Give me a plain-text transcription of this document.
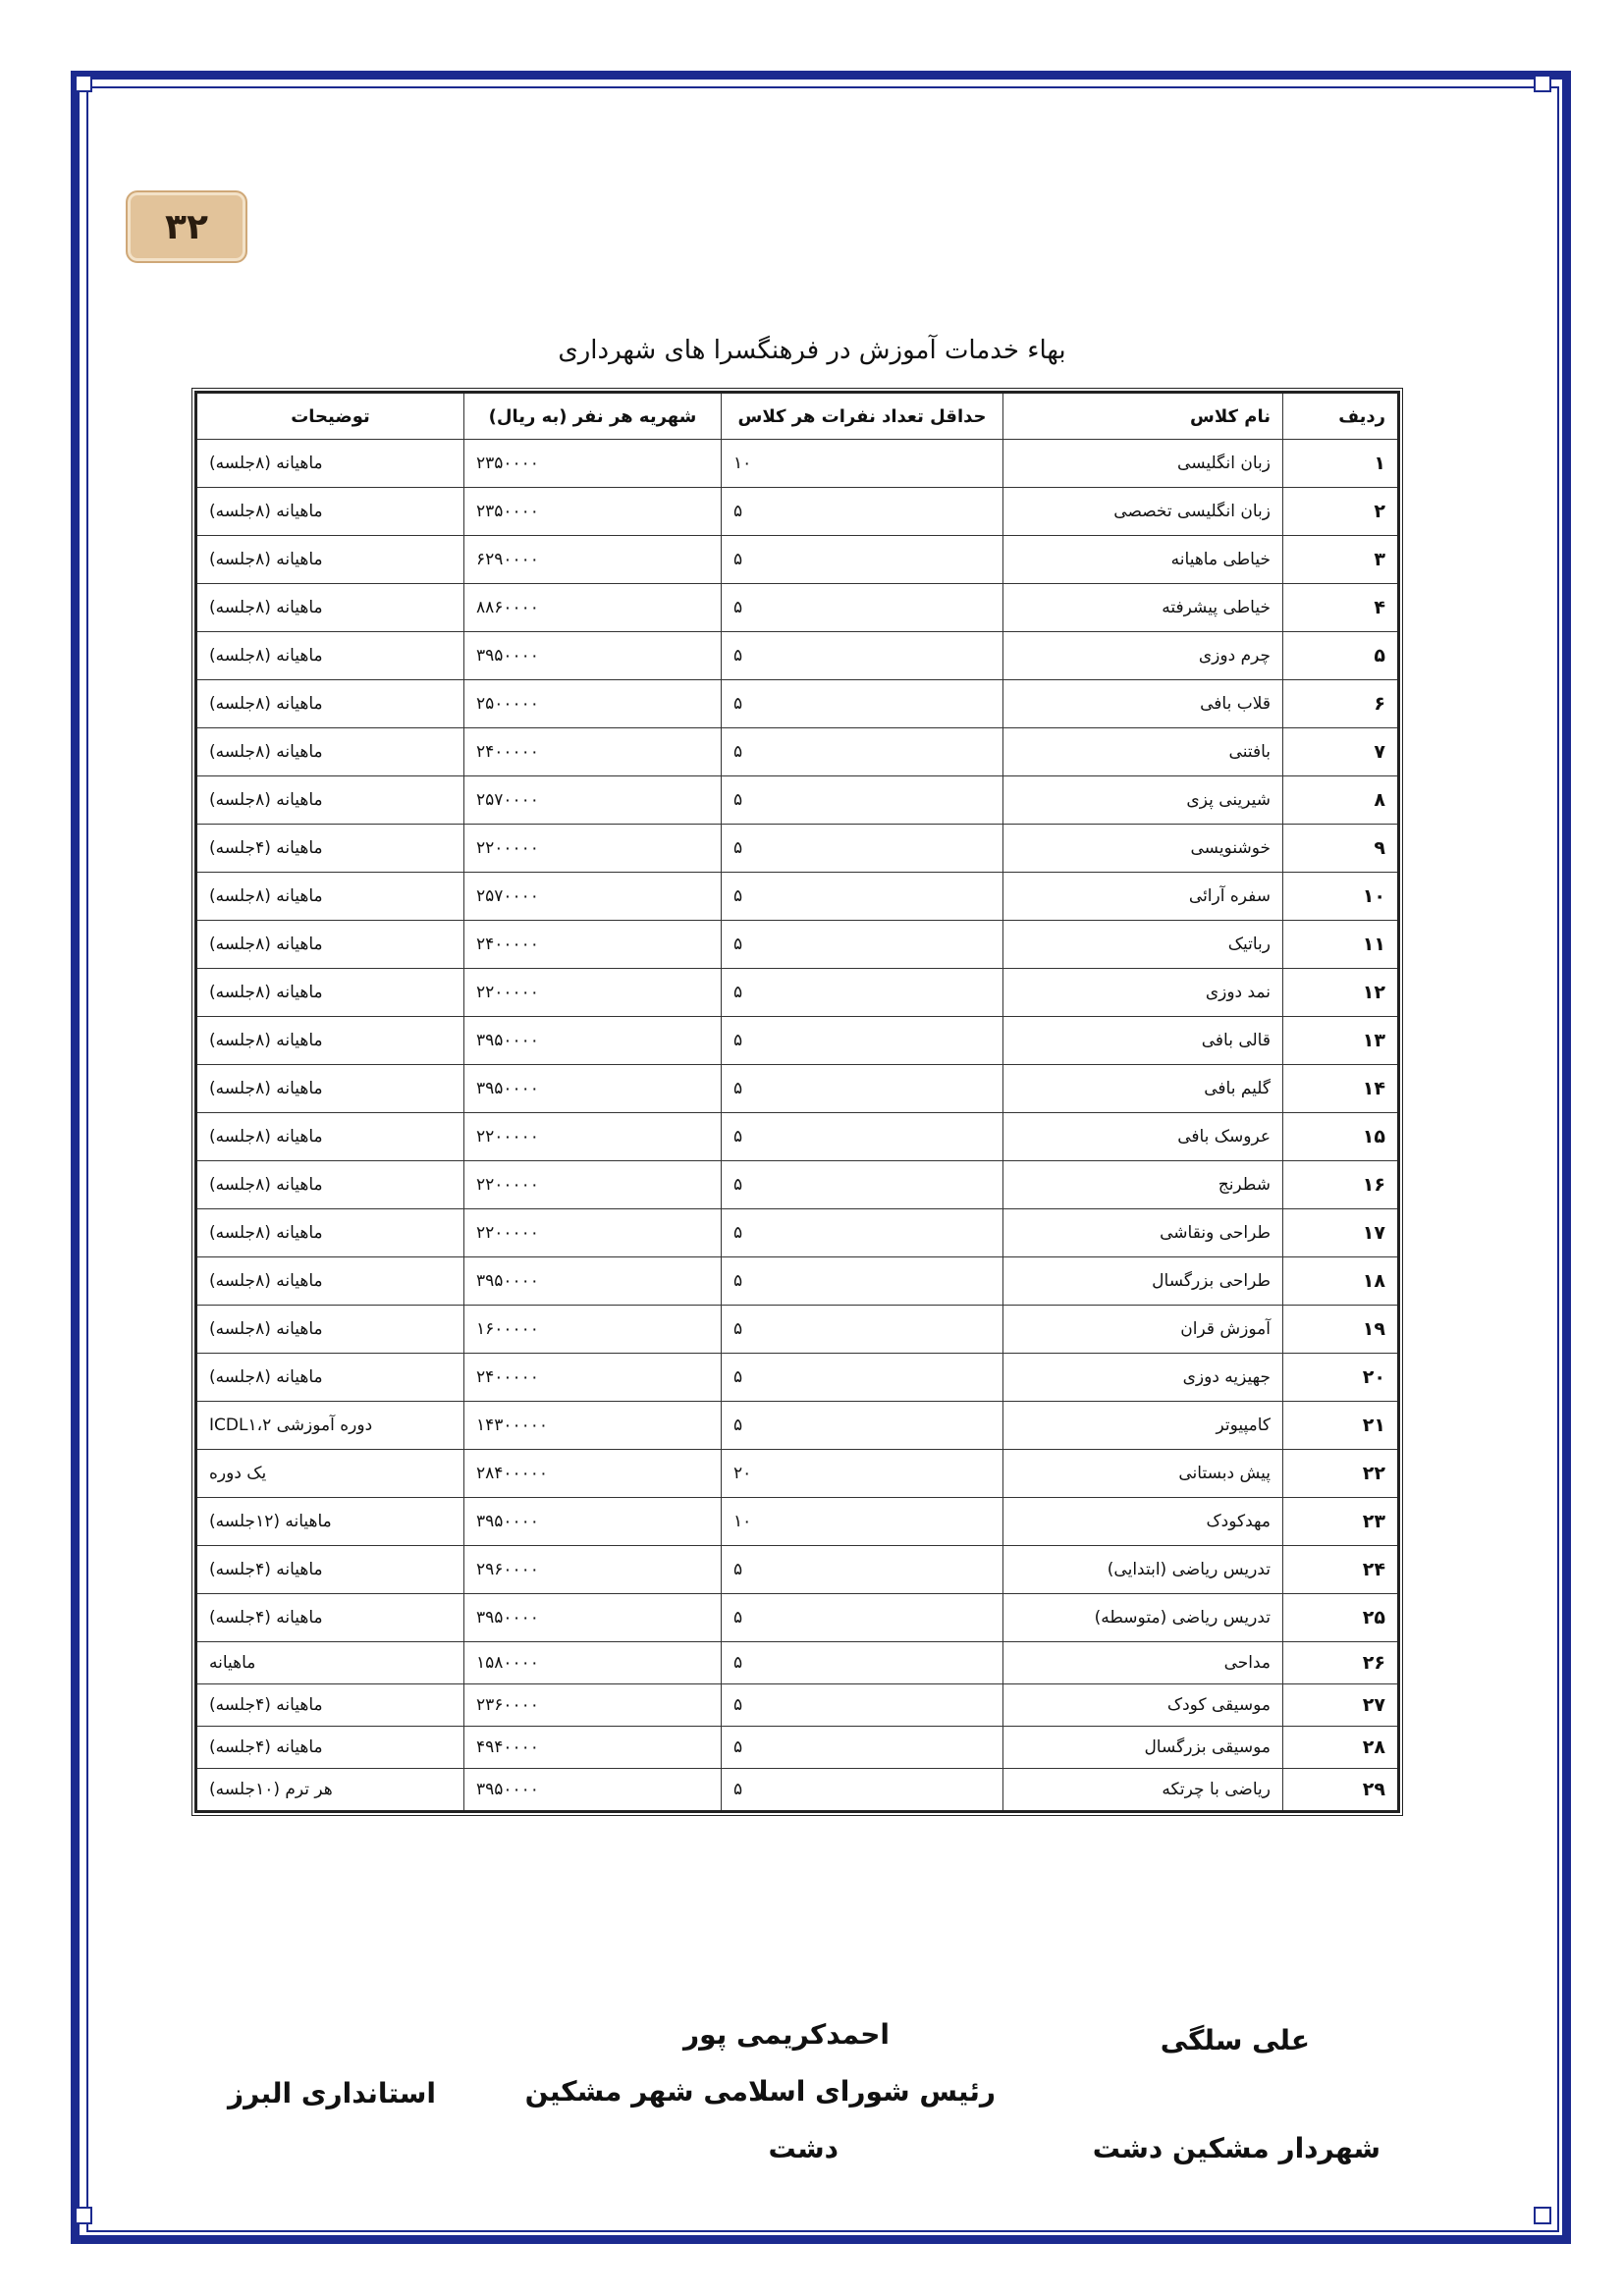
۳۲
بهاء خدمات آموزش در فرهنگسرا های شهرداری
ردیف	نام کلاس	حداقل تعداد نفرات هر کلاس	شهریه هر نفر (به ریال)	توضیحات
۱	زبان انگلیسی	۱۰	۲۳۵۰۰۰۰	ماهیانه (۸جلسه)
۲	زبان انگلیسی تخصصی	۵	۲۳۵۰۰۰۰	ماهیانه (۸جلسه)
۳	خیاطی ماهیانه	۵	۶۲۹۰۰۰۰	ماهیانه (۸جلسه)
۴	خیاطی پیشرفته	۵	۸۸۶۰۰۰۰	ماهیانه (۸جلسه)
۵	چرم دوزی	۵	۳۹۵۰۰۰۰	ماهیانه (۸جلسه)
۶	قلاب بافی	۵	۲۵۰۰۰۰۰	ماهیانه (۸جلسه)
۷	بافتنی	۵	۲۴۰۰۰۰۰	ماهیانه (۸جلسه)
۸	شیرینی پزی	۵	۲۵۷۰۰۰۰	ماهیانه (۸جلسه)
۹	خوشنویسی	۵	۲۲۰۰۰۰۰	ماهیانه (۴جلسه)
۱۰	سفره آرائی	۵	۲۵۷۰۰۰۰	ماهیانه (۸جلسه)
۱۱	رباتیک	۵	۲۴۰۰۰۰۰	ماهیانه (۸جلسه)
۱۲	نمد دوزی	۵	۲۲۰۰۰۰۰	ماهیانه (۸جلسه)
۱۳	قالی بافی	۵	۳۹۵۰۰۰۰	ماهیانه (۸جلسه)
۱۴	گلیم بافی	۵	۳۹۵۰۰۰۰	ماهیانه (۸جلسه)
۱۵	عروسک بافی	۵	۲۲۰۰۰۰۰	ماهیانه (۸جلسه)
۱۶	شطرنج	۵	۲۲۰۰۰۰۰	ماهیانه (۸جلسه)
۱۷	طراحی ونقاشی	۵	۲۲۰۰۰۰۰	ماهیانه (۸جلسه)
۱۸	طراحی بزرگسال	۵	۳۹۵۰۰۰۰	ماهیانه (۸جلسه)
۱۹	آموزش قران	۵	۱۶۰۰۰۰۰	ماهیانه (۸جلسه)
۲۰	جهیزیه دوزی	۵	۲۴۰۰۰۰۰	ماهیانه (۸جلسه)
۲۱	کامپیوتر	۵	۱۴۳۰۰۰۰۰	دوره آموزشی ICDL۱،۲
۲۲	پیش دبستانی	۲۰	۲۸۴۰۰۰۰۰	یک دوره
۲۳	مهدکودک	۱۰	۳۹۵۰۰۰۰	ماهیانه (۱۲جلسه)
۲۴	تدریس ریاضی (ابتدایی)	۵	۲۹۶۰۰۰۰	ماهیانه (۴جلسه)
۲۵	تدریس ریاضی (متوسطه)	۵	۳۹۵۰۰۰۰	ماهیانه (۴جلسه)
۲۶	مداحی	۵	۱۵۸۰۰۰۰	ماهیانه
۲۷	موسیقی کودک	۵	۲۳۶۰۰۰۰	ماهیانه (۴جلسه)
۲۸	موسیقی بزرگسال	۵	۴۹۴۰۰۰۰	ماهیانه (۴جلسه)
۲۹	ریاضی با چرتکه	۵	۳۹۵۰۰۰۰	هر ترم (۱۰جلسه)
علی سلگی
شهردار مشکین دشت
احمدکریمی پور
رئیس شورای اسلامی شهر مشکین
دشت
استانداری البرز
